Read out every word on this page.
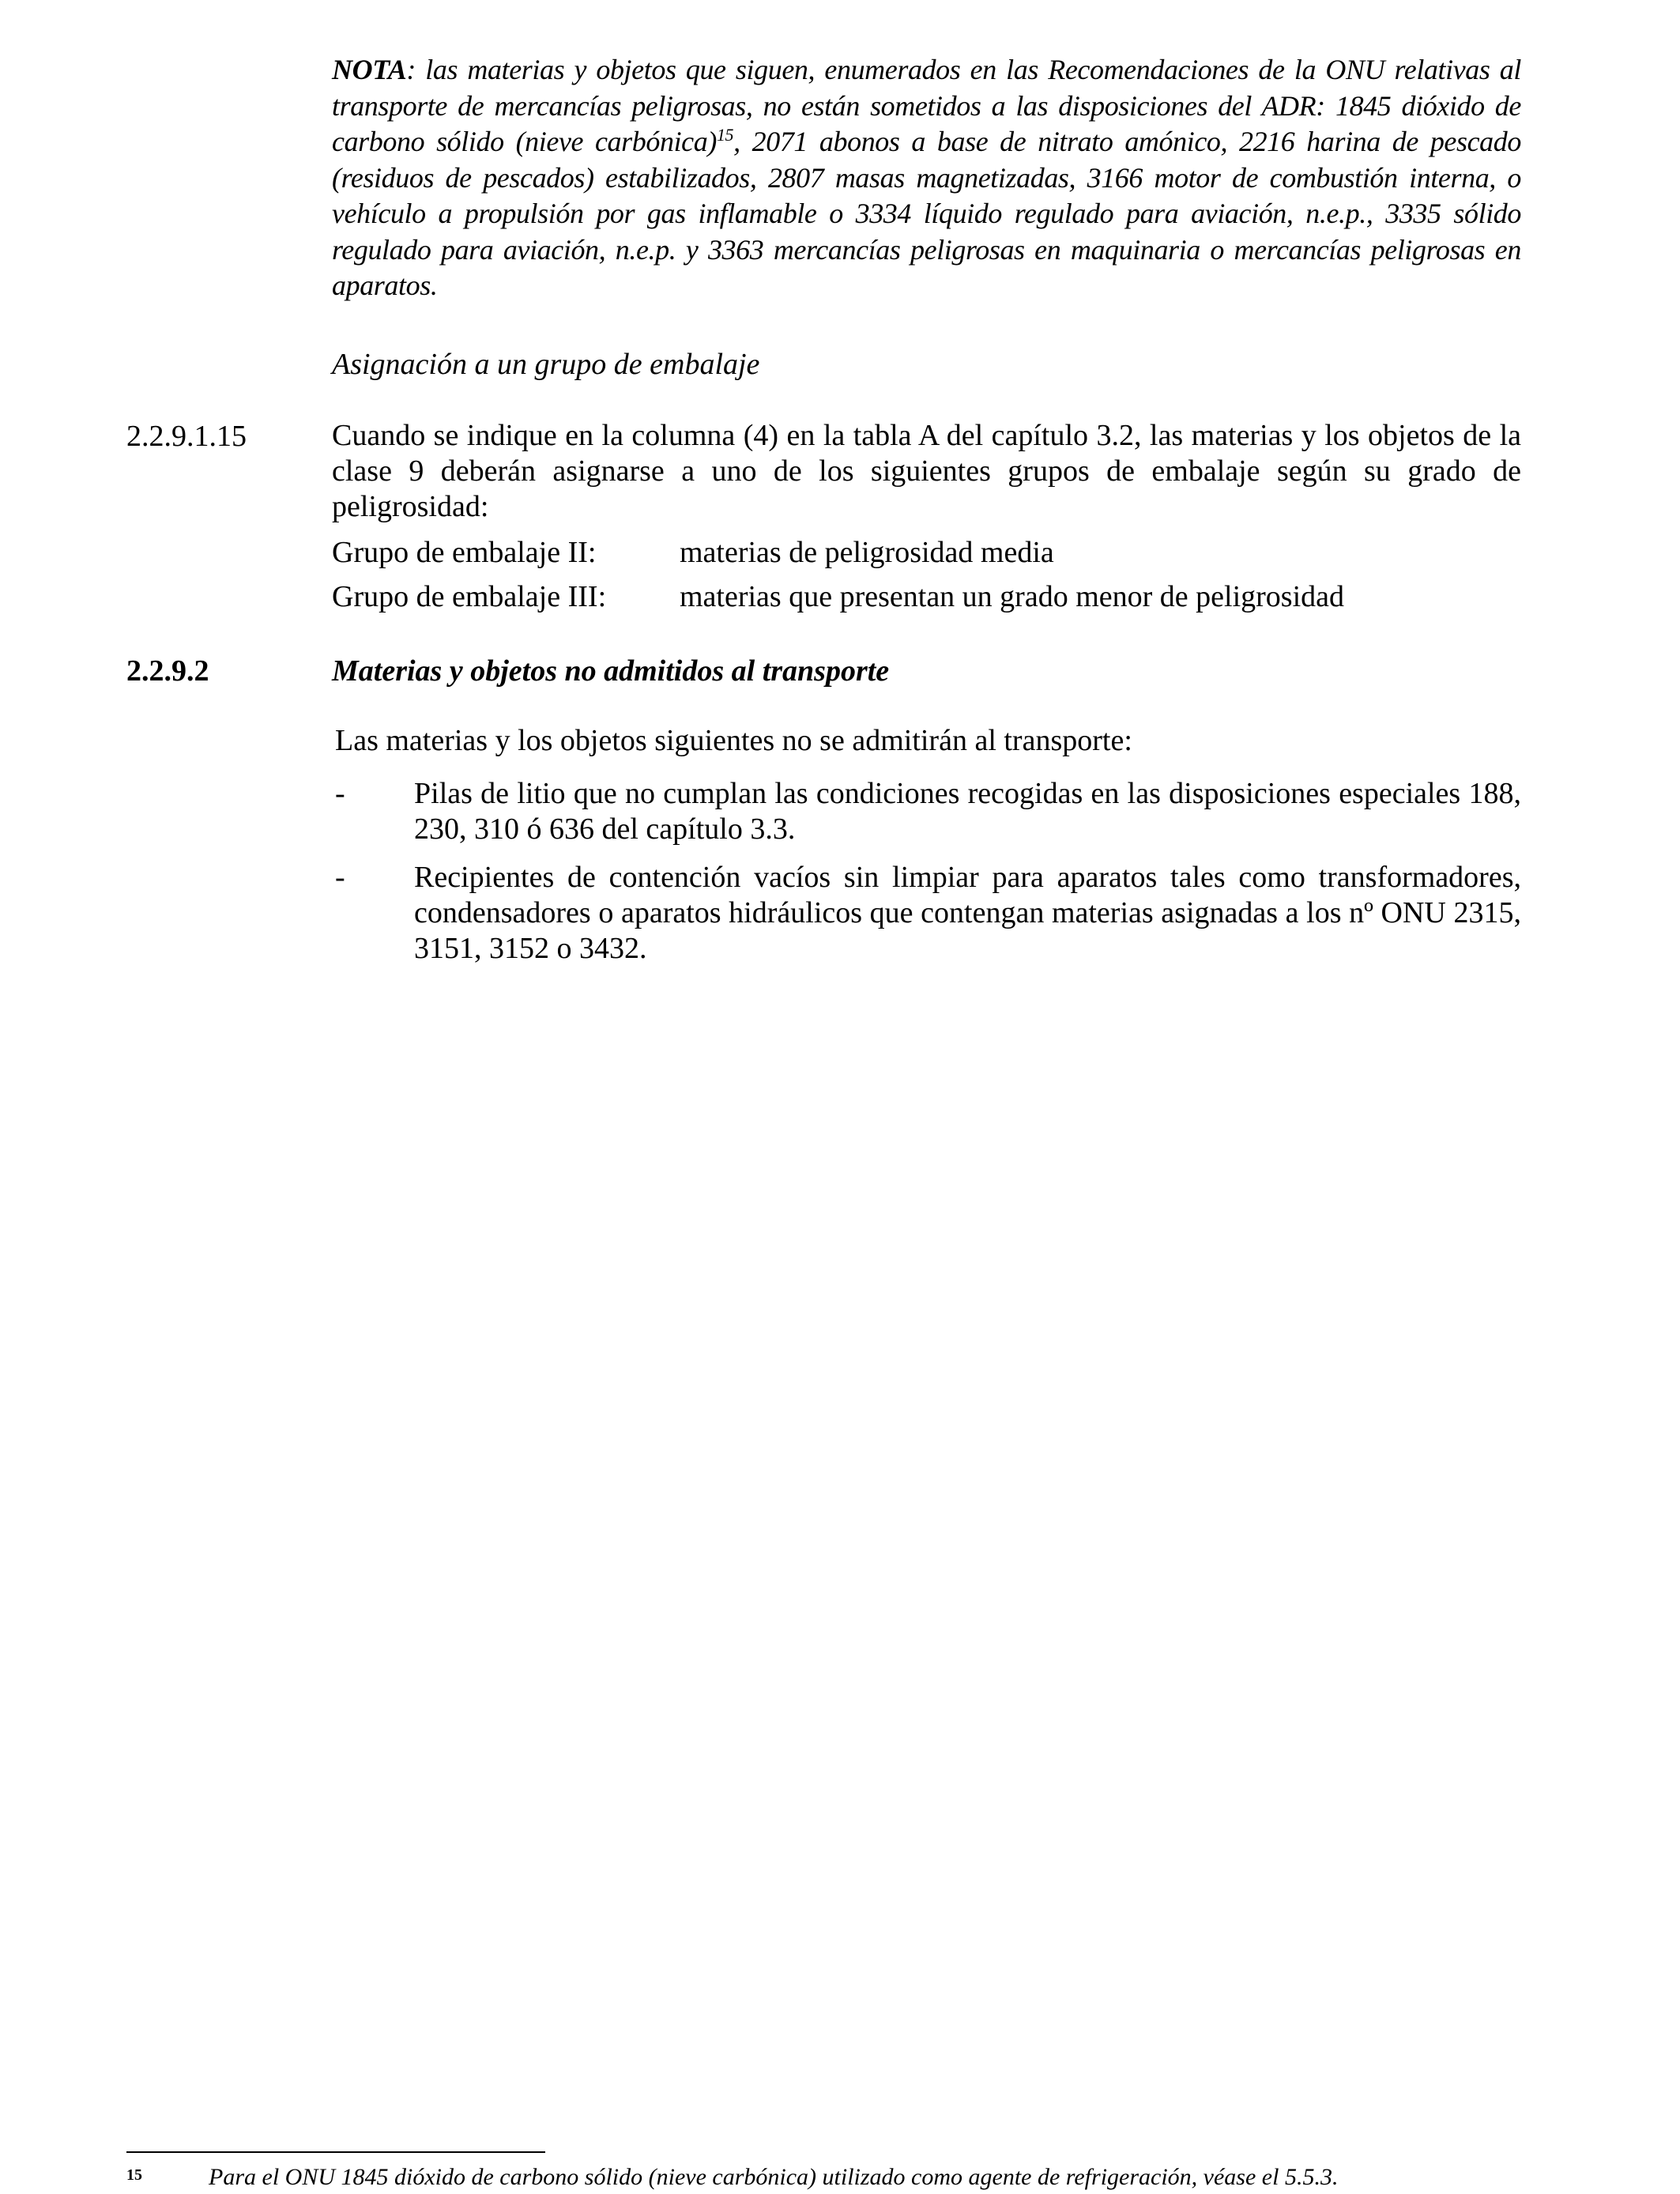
NOTA: las materias y objetos que siguen, enumerados en las Recomendaciones de la ONU relativas al transporte de mercancías peligrosas, no están sometidos a las disposiciones del ADR: 1845 dióxido de carbono sólido (nieve carbónica)$^{15}$, 2071 abonos a base de nitrato amónico, 2216 harina de pescado (residuos de pescados) estabilizados, 2807 masas magnetizadas, 3166 motor de combustión interna, o vehículo a propulsión por gas inflamable o 3334 líquido regulado para aviación, n.e.p., 3335 sólido regulado para aviación, n.e.p. y 3363 mercancías peligrosas en maquinaria o mercancías peligrosas en aparatos.
Asignación a un grupo de embalaje
2.2.9.1.15	Cuando se indique en la columna (4) en la tabla A del capítulo 3.2, las materias y los objetos de la clase 9 deberán asignarse a uno de los siguientes grupos de embalaje según su grado de peligrosidad:
Grupo de embalaje II:	materias de peligrosidad media
Grupo de embalaje III: materias que presentan un grado menor de peligrosidad
2.2.9.2	Materias y objetos no admitidos al transporte
Las materias y los objetos siguientes no se admitirán al transporte:
- Pilas de litio que no cumplan las condiciones recogidas en las disposiciones especiales 188, 230, 310 ó 636 del capítulo 3.3.
- Recipientes de contención vacíos sin limpiar para aparatos tales como transformadores, condensadores o aparatos hidráulicos que contengan materias asignadas a los nº ONU 2315, 3151, 3152 o 3432.
15	Para el ONU 1845 dióxido de carbono sólido (nieve carbónica) utilizado como agente de refrigeración, véase el 5.5.3.
